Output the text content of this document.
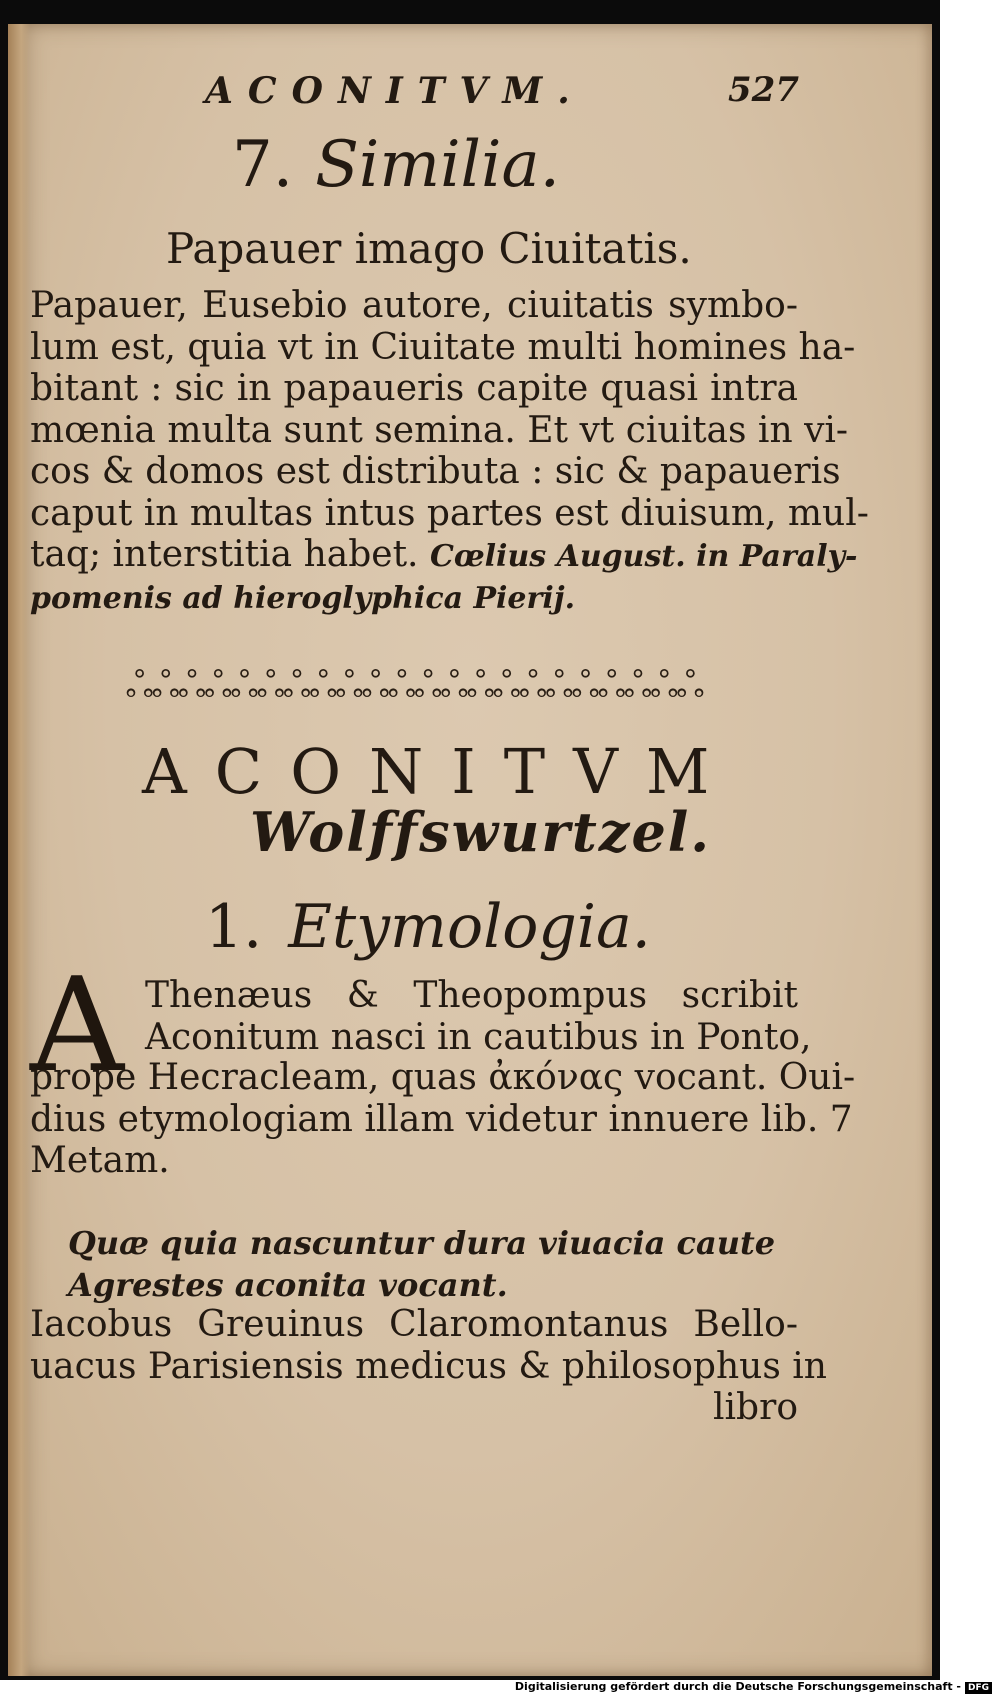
ACONITVM.	527
7. Similia.
Papauer imago Ciuitatis.
Papauer, Eusebio autore, ciuitatis symbo-
lum est, quia vt in Ciuitate multi homines ha-
bitant : sic in papaueris capite quasi intra
mœnia multa sunt semina. Et vt ciuitas in vi-
cos & domos est distributa : sic & papaueris
caput in multas intus partes est diuisum, mul-
taq; interstitia habet. Cœlius August. in Paraly-
pomenis ad hieroglyphica Pierij.
ஃஃஃஃஃஃஃஃஃஃஃஃஃஃஃஃஃஃஃஃஃஃ
ACONITVM
Wolffswurtzel.
1. Etymologia.
A Thenæus & Theopompus scribit
Aconitum nasci in cautibus in Ponto,
prope Hecracleam, quas ἀκόνας vocant. Oui-
dius etymologiam illam videtur innuere lib. 7
Metam.
Quæ quia nascuntur dura viuacia caute
Agrestes aconita vocant.
Iacobus Greuinus Claromontanus Bello-
uacus Parisiensis medicus & philosophus in
libro
Digitalisierung gefördert durch die Deutsche Forschungsgemeinschaft - DFG
